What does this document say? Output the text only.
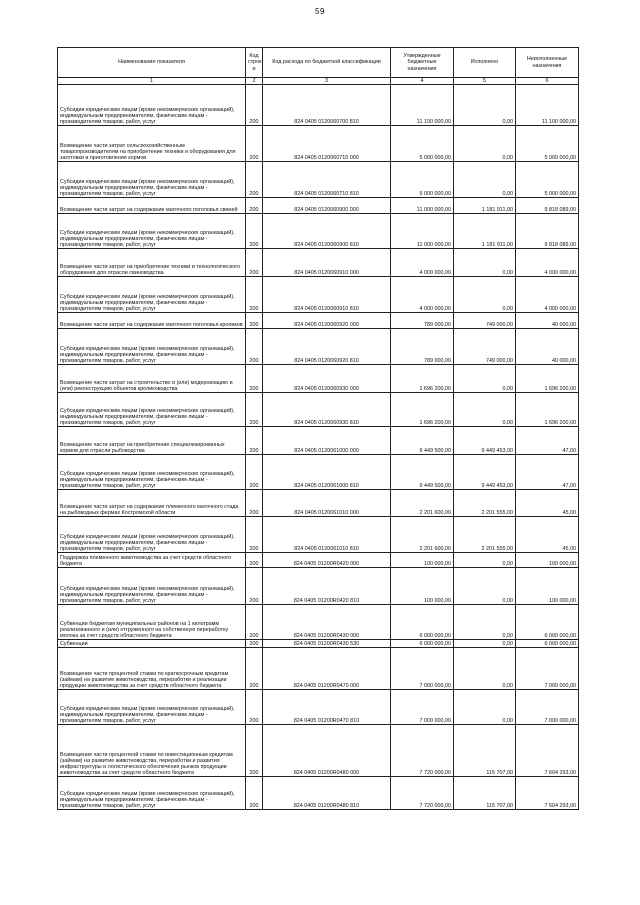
59
Наименование показателя	Код строк и	Код расхода по бюджетной классификации	Утвержденные бюджетные назначения	Исполнено	Неисполненные назначения
1	2	3	4	5	6
Субсидии юридическим лицам (кроме некоммерческих организаций), индивидуальным предпринимателям, физическим лицам - производителям товаров, работ, услуг	200	824 0405 0120060700 810	11 100 000,00	0,00	11 100 000,00
Возмещение части затрат сельскохозяйственным товаропроизводителям на приобретение техники и оборудования для заготовки и приготовления кормов	200	824 0405 0120060710 000	5 000 000,00	0,00	5 000 000,00
Субсидии юридическим лицам (кроме некоммерческих организаций), индивидуальным предпринимателям, физическим лицам - производителям товаров, работ, услуг	200	824 0405 0120060710 810	5 000 000,00	0,00	5 000 000,00
Возмещение части затрат на содержание маточного поголовья свиней	200	824 0405 0120060900 000	11 000 000,00	1 181 911,00	9 818 089,00
Субсидии юридическим лицам (кроме некоммерческих организаций), индивидуальным предпринимателям, физическим лицам - производителям товаров, работ, услуг	200	824 0405 0120060900 810	11 000 000,00	1 181 911,00	9 818 089,00
Возмещение части затрат на приобретение техники и технологического оборудования для отрасли свиноводства	200	824 0405 0120060910 000	4 000 000,00	0,00	4 000 000,00
Субсидии юридическим лицам (кроме некоммерческих организаций), индивидуальным предпринимателям, физическим лицам - производителям товаров, работ, услуг	200	824 0405 0120060910 810	4 000 000,00	0,00	4 000 000,00
Возмещение части затрат на содержание маточного поголовья кроликов	200	824 0405 0120060920 000	789 000,00	749 000,00	40 000,00
Субсидии юридическим лицам (кроме некоммерческих организаций), индивидуальным предпринимателям, физическим лицам - производителям товаров, работ, услуг	200	824 0405 0120060920 810	789 000,00	749 000,00	40 000,00
Возмещение части затрат на строительство и (или) модернизацию и (или) реконструкцию объектов кролиководства	200	824 0405 0120060930 000	1 696 200,00	0,00	1 696 200,00
Субсидии юридическим лицам (кроме некоммерческих организаций), индивидуальным предпринимателям, физическим лицам - производителям товаров, работ, услуг	200	824 0405 0120060930 810	1 696 200,00	0,00	1 696 200,00
Возмещение части затрат на приобретение специализированных кормов для отрасли рыбоводства	200	824 0405 0120061000 000	9 449 500,00	9 449 453,00	47,00
Субсидии юридическим лицам (кроме некоммерческих организаций), индивидуальным предпринимателям, физическим лицам - производителям товаров, работ, услуг	200	824 0405 0120061000 810	9 449 500,00	9 449 453,00	47,00
Возмещение части затрат на содержание племенного маточного стада на рыбоводных фермах Костромской области	200	824 0405 0120061010 000	2 201 600,00	2 201 555,00	45,00
Субсидии юридическим лицам (кроме некоммерческих организаций), индивидуальным предпринимателям, физическим лицам - производителям товаров, работ, услуг	200	824 0405 0120061010 810	2 201 600,00	2 201 555,00	45,00
Поддержка племенного животноводства за счет средств областного бюджета	200	824 0405 01200R0420 000	100 000,00	0,00	100 000,00
Субсидии юридическим лицам (кроме некоммерческих организаций), индивидуальным предпринимателям, физическим лицам - производителям товаров, работ, услуг	200	824 0405 01200R0420 810	100 000,00	0,00	100 000,00
Субвенции бюджетам муниципальных районов на 1 килограмм реализованного и (или) отгруженного на собственную переработку молока за счет средств областного бюджета	200	824 0405 01200R0430 000	6 000 000,00	0,00	6 000 000,00
Субвенции	200	824 0405 01200R0430 530	6 000 000,00	0,00	6 000 000,00
Возмещение части процентной ставки по краткосрочным кредитам (займам) на развитие животноводства, переработки и реализации продукции животноводства за счет средств областного бюджета	200	824 0405 01200R0470 000	7 000 000,00	0,00	7 000 000,00
Субсидии юридическим лицам (кроме некоммерческих организаций), индивидуальным предпринимателям, физическим лицам - производителям товаров, работ, услуг	200	824 0405 01200R0470 810	7 000 000,00	0,00	7 000 000,00
Возмещение части процентной ставки по инвестиционным кредитам (займам) на развитие животноводства, переработки и развития инфраструктуры и логистического обеспечения рынков продукции животноводства за счет средств областного бюджета	200	824 0405 01200R0480 000	7 720 000,00	115 707,00	7 604 293,00
Субсидии юридическим лицам (кроме некоммерческих организаций), индивидуальным предпринимателям, физическим лицам - производителям товаров, работ, услуг	200	824 0405 01200R0480 810	7 720 000,00	115 707,00	7 604 293,00
